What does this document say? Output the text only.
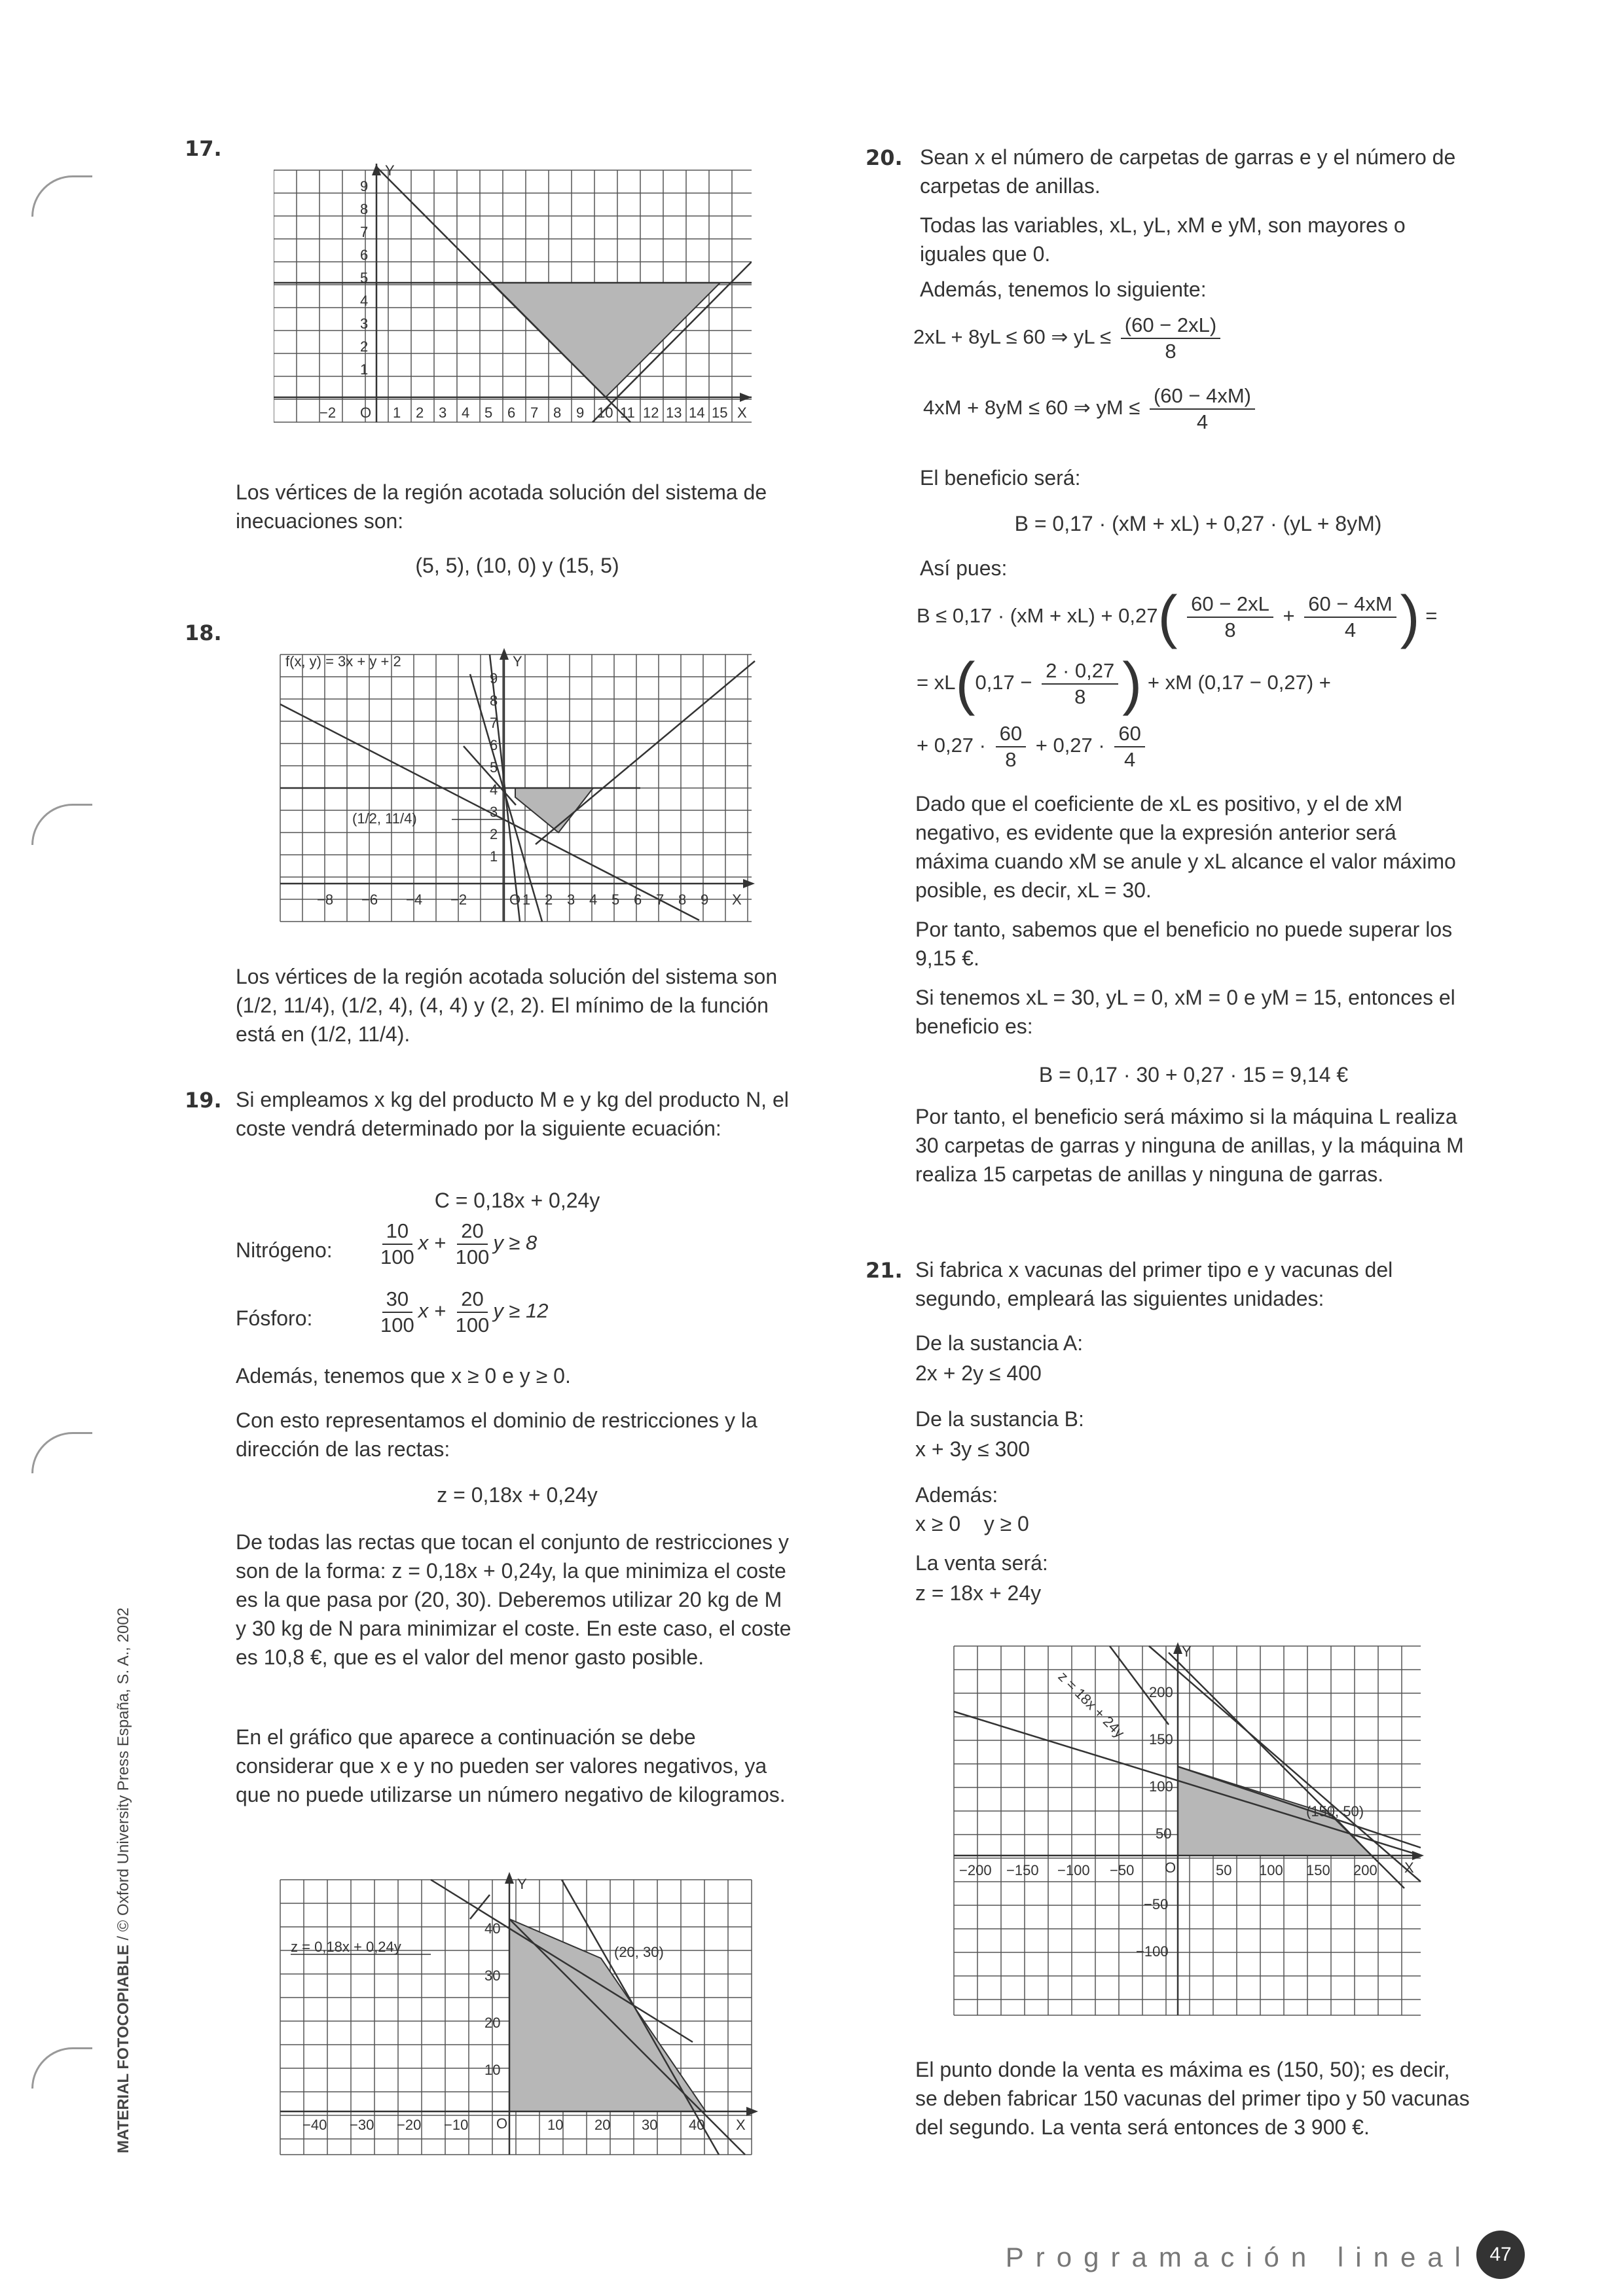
MATERIAL FOTOCOPIABLE / © Oxford University Press España, S. A., 2002
17.
Y
9
8
7
6
5
4
3
2
1
−2 O 1 2 3 4 5 6 7 8 9 10 11 12 13 14 15 X
Los vértices de la región acotada solución del sistema de inecuaciones son:
(5, 5), (10, 0) y (15, 5)
18.
f(x, y) = 3x + y + 2
(1/2, 11/4)
Y
9
8
7
6
5
4
3
2
1
−8 −6 −4 −2	O 1 2 3 4 5 6 7 8 9 X
Los vértices de la región acotada solución del sistema son (1/2, 11/4), (1/2, 4), (4, 4) y (2, 2). El mínimo de la función está en (1/2, 11/4).
19. Si empleamos x kg del producto M e y kg del producto N, el coste vendrá determinado por la siguiente ecuación:
C = 0,18x + 0,24y
Nitrógeno: $\frac{10}{100}$ $x + \frac{20}{100}$ y ≥ 8
Fósforo:	$\frac{30}{100}$ $x + \frac{20}{100}$ y ≥ 12
Además, tenemos que x ≥ 0 e y ≥ 0.
Con esto representamos el dominio de restricciones y la dirección de las rectas:
z = 0,18x + 0,24y
De todas las rectas que tocan el conjunto de restricciones y son de la forma: z = 0,18x + 0,24y, la que minimiza el coste es la que pasa por (20, 30). Deberemos utilizar 20 kg de M y 30 kg de N para minimizar el coste. En este caso, el coste es 10,8 €, que es el valor del menor gasto posible.
En el gráfico que aparece a continuación se debe considerar que x e y no pueden ser valores negativos, ya que no puede utilizarse un número negativo de kilogramos.
z = 0,18x + 0,24y	(20, 30)
Y
40
30
20
10
−40 −30 −20 −10 O	10 20 30 40 X
20. Sean x el número de carpetas de garras e y el número de carpetas de anillas.
Todas las variables, xL, yL, xM e yM, son mayores o iguales que 0.
Además, tenemos lo siguiente:
2xL + 8yL ≤ 60 ⇒ yL ≤ $\frac{(60 - 2xL)}{8}$
4xM + 8yM ≤ 60 ⇒ yM ≤ $\frac{(60 - 4xM)}{4}$
El beneficio será:
B = 0,17 · (xM + xL) + 0,27 · (yL + 8yM)
Así pues:
$B \le 0,17 \cdot (xM + xL) + 0,27( \frac{60 - 2xL}{8} + \frac{60 - 4xM}{4}$ ) =
= $xL(0,17 - \frac{2 \cdot 0,27}{8}$ ) + xM (0,17 − 0,27) +
+ $0,27 \cdot \frac{60}{8} + 0,27 \cdot \frac{60}{4}$
Dado que el coeficiente de xL es positivo, y el de xM negativo, es evidente que la expresión anterior será máxima cuando xM se anule y xL alcance el valor máximo posible, es decir, xL = 30.
Por tanto, sabemos que el beneficio no puede superar los 9,15 €.
Si tenemos xL = 30, yL = 0, xM = 0 e yM = 15, entonces el beneficio es:
B = 0,17 · 30 + 0,27 · 15 = 9,14 €
Por tanto, el beneficio será máximo si la máquina L realiza 30 carpetas de garras y ninguna de anillas, y la máquina M realiza 15 carpetas de anillas y ninguna de garras.
21. Si fabrica x vacunas del primer tipo e y vacunas del segundo, empleará las siguientes unidades:
De la sustancia A:
2x + 2y ≤ 400
De la sustancia B:
x + 3y ≤ 300
Además:
x ≥ 0    y ≥ 0
La venta será:
z = 18x + 24y
Y
(150, 50)
z = 18x + 24y 200
150
100
50
−50
−100
−200 −150 −100 −50 O	50 100 150 200 X
El punto donde la venta es máxima es (150, 50); es decir, se deben fabricar 150 vacunas del primer tipo y 50 vacunas del segundo. La venta será entonces de 3 900 €.
Programación lineal 47
